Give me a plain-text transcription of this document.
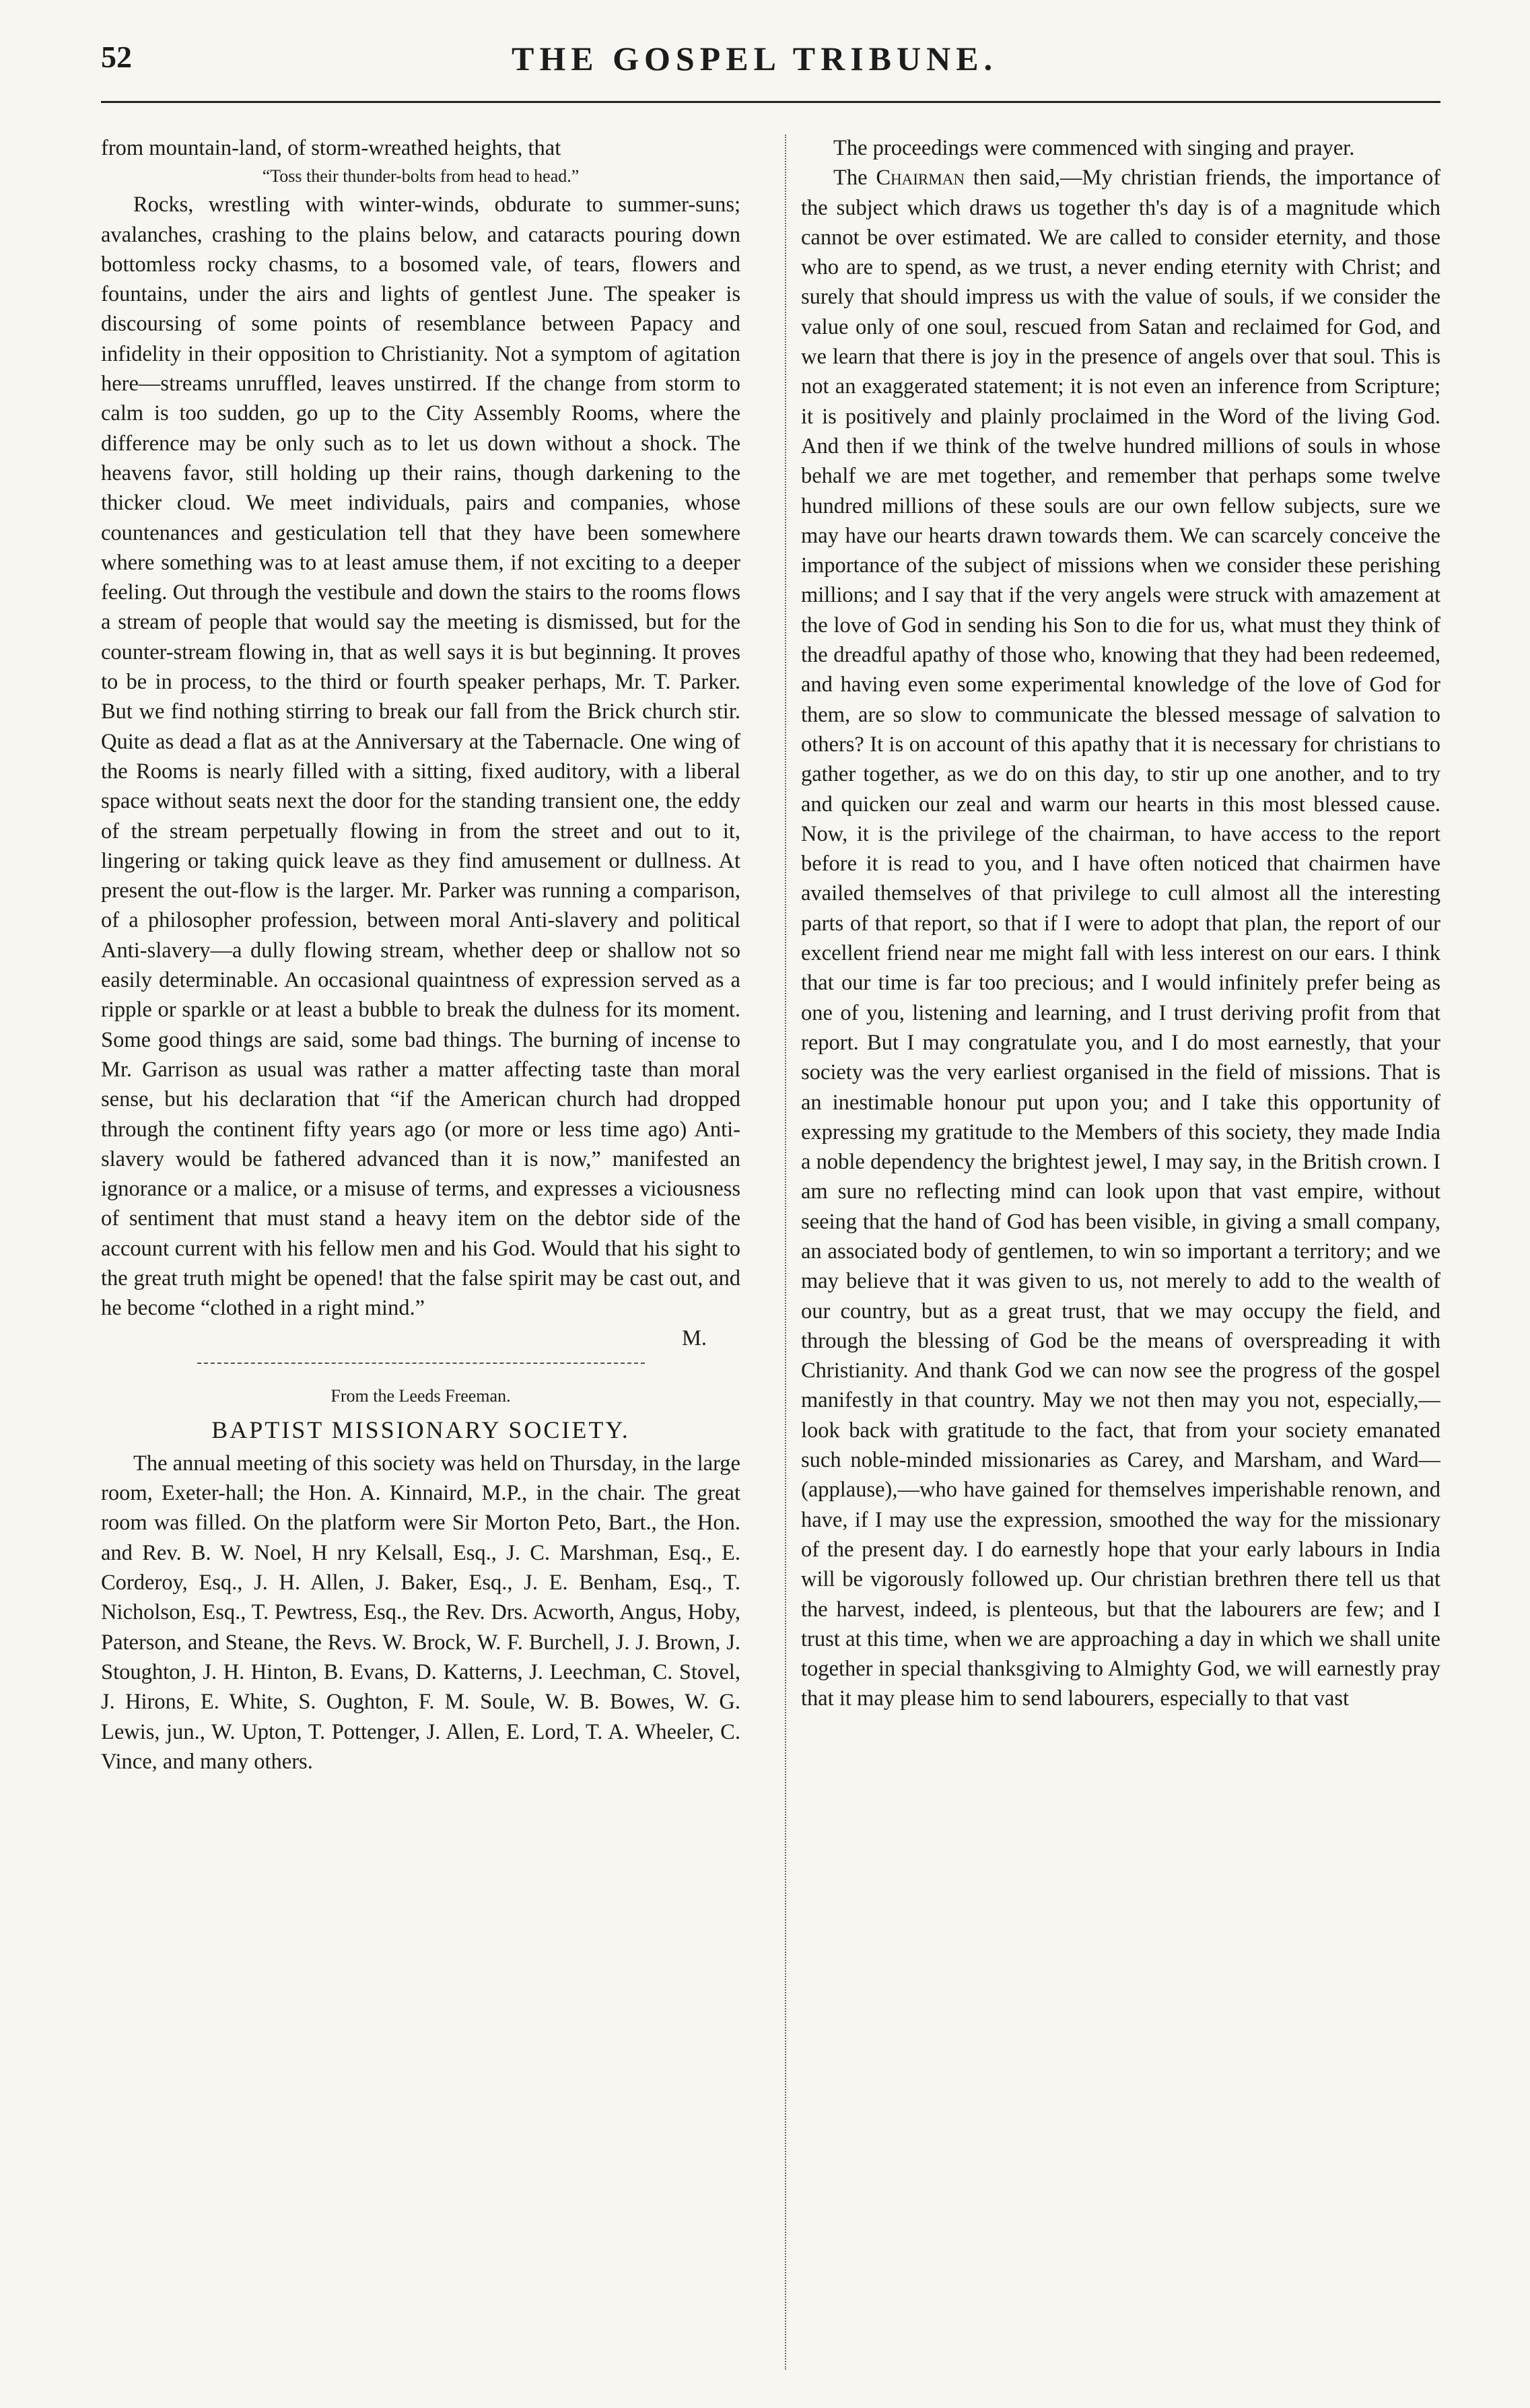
52	THE GOSPEL TRIBUNE.

from mountain-land, of storm-wreathed heights, that

“Toss their thunder-bolts from head to head.”

Rocks, wrestling with winter-winds, obdurate to summer-suns; avalanches, crashing to the plains below, and cataracts pouring down bottomless rocky chasms, to a bosomed vale, of tears, flowers and fountains, under the airs and lights of gentlest June. The speaker is discoursing of some points of resemblance between Papacy and infidelity in their opposition to Christianity. Not a symptom of agitation here—streams unruffled, leaves unstirred. If the change from storm to calm is too sudden, go up to the City Assembly Rooms, where the difference may be only such as to let us down without a shock. The heavens favor, still holding up their rains, though darkening to the thicker cloud. We meet individuals, pairs and companies, whose countenances and gesticulation tell that they have been somewhere where something was to at least amuse them, if not exciting to a deeper feeling. Out through the vestibule and down the stairs to the rooms flows a stream of people that would say the meeting is dismissed, but for the counter-stream flowing in, that as well says it is but beginning. It proves to be in process, to the third or fourth speaker perhaps, Mr. T. Parker. But we find nothing stirring to break our fall from the Brick church stir. Quite as dead a flat as at the Anniversary at the Tabernacle. One wing of the Rooms is nearly filled with a sitting, fixed auditory, with a liberal space without seats next the door for the standing transient one, the eddy of the stream perpetually flowing in from the street and out to it, lingering or taking quick leave as they find amusement or dullness. At present the out-flow is the larger. Mr. Parker was running a comparison, of a philosopher profession, between moral Anti-slavery and political Anti-slavery—a dully flowing stream, whether deep or shallow not so easily determinable. An occasional quaintness of expression served as a ripple or sparkle or at least a bubble to break the dulness for its moment. Some good things are said, some bad things. The burning of incense to Mr. Garrison as usual was rather a matter affecting taste than moral sense, but his declaration that “if the American church had dropped through the continent fifty years ago (or more or less time ago) Anti-slavery would be fathered advanced than it is now,” manifested an ignorance or a malice, or a misuse of terms, and expresses a viciousness of sentiment that must stand a heavy item on the debtor side of the account current with his fellow men and his God. Would that his sight to the great truth might be opened! that the false spirit may be cast out, and he become “clothed in a right mind.”

M.

From the Leeds Freeman.

BAPTIST MISSIONARY SOCIETY.

The annual meeting of this society was held on Thursday, in the large room, Exeter-hall; the Hon. A. Kinnaird, M.P., in the chair. The great room was filled. On the platform were Sir Morton Peto, Bart., the Hon. and Rev. B. W. Noel, H nry Kelsall, Esq., J. C. Marshman, Esq., E. Corderoy, Esq., J. H. Allen, J. Baker, Esq., J. E. Benham, Esq., T. Nicholson, Esq., T. Pewtress, Esq., the Rev. Drs. Acworth, Angus, Hoby, Paterson, and Steane, the Revs. W. Brock, W. F. Burchell, J. J. Brown, J. Stoughton, J. H. Hinton, B. Evans, D. Katterns, J. Leechman, C. Stovel, J. Hirons, E. White, S. Oughton, F. M. Soule, W. B. Bowes, W. G. Lewis, jun., W. Upton, T. Pottenger, J. Allen, E. Lord, T. A. Wheeler, C. Vince, and many others.

The proceedings were commenced with singing and prayer.

The Chairman then said,—My christian friends, the importance of the subject which draws us together th's day is of a magnitude which cannot be over estimated. We are called to consider eternity, and those who are to spend, as we trust, a never ending eternity with Christ; and surely that should impress us with the value of souls, if we consider the value only of one soul, rescued from Satan and reclaimed for God, and we learn that there is joy in the presence of angels over that soul. This is not an exaggerated statement; it is not even an inference from Scripture; it is positively and plainly proclaimed in the Word of the living God. And then if we think of the twelve hundred millions of souls in whose behalf we are met together, and remember that perhaps some twelve hundred millions of these souls are our own fellow subjects, sure we may have our hearts drawn towards them. We can scarcely conceive the importance of the subject of missions when we consider these perishing millions; and I say that if the very angels were struck with amazement at the love of God in sending his Son to die for us, what must they think of the dreadful apathy of those who, knowing that they had been redeemed, and having even some experimental knowledge of the love of God for them, are so slow to communicate the blessed message of salvation to others? It is on account of this apathy that it is necessary for christians to gather together, as we do on this day, to stir up one another, and to try and quicken our zeal and warm our hearts in this most blessed cause. Now, it is the privilege of the chairman, to have access to the report before it is read to you, and I have often noticed that chairmen have availed themselves of that privilege to cull almost all the interesting parts of that report, so that if I were to adopt that plan, the report of our excellent friend near me might fall with less interest on our ears. I think that our time is far too precious; and I would infinitely prefer being as one of you, listening and learning, and I trust deriving profit from that report. But I may congratulate you, and I do most earnestly, that your society was the very earliest organised in the field of missions. That is an inestimable honour put upon you; and I take this opportunity of expressing my gratitude to the Members of this society, they made India a noble dependency the brightest jewel, I may say, in the British crown. I am sure no reflecting mind can look upon that vast empire, without seeing that the hand of God has been visible, in giving a small company, an associated body of gentlemen, to win so important a territory; and we may believe that it was given to us, not merely to add to the wealth of our country, but as a great trust, that we may occupy the field, and through the blessing of God be the means of overspreading it with Christianity. And thank God we can now see the progress of the gospel manifestly in that country. May we not then may you not, especially,—look back with gratitude to the fact, that from your society emanated such noble-minded missionaries as Carey, and Marsham, and Ward—(applause),—who have gained for themselves imperishable renown, and have, if I may use the expression, smoothed the way for the missionary of the present day. I do earnestly hope that your early labours in India will be vigorously followed up. Our christian brethren there tell us that the harvest, indeed, is plenteous, but that the labourers are few; and I trust at this time, when we are approaching a day in which we shall unite together in special thanksgiving to Almighty God, we will earnestly pray that it may please him to send labourers, especially to that vast
